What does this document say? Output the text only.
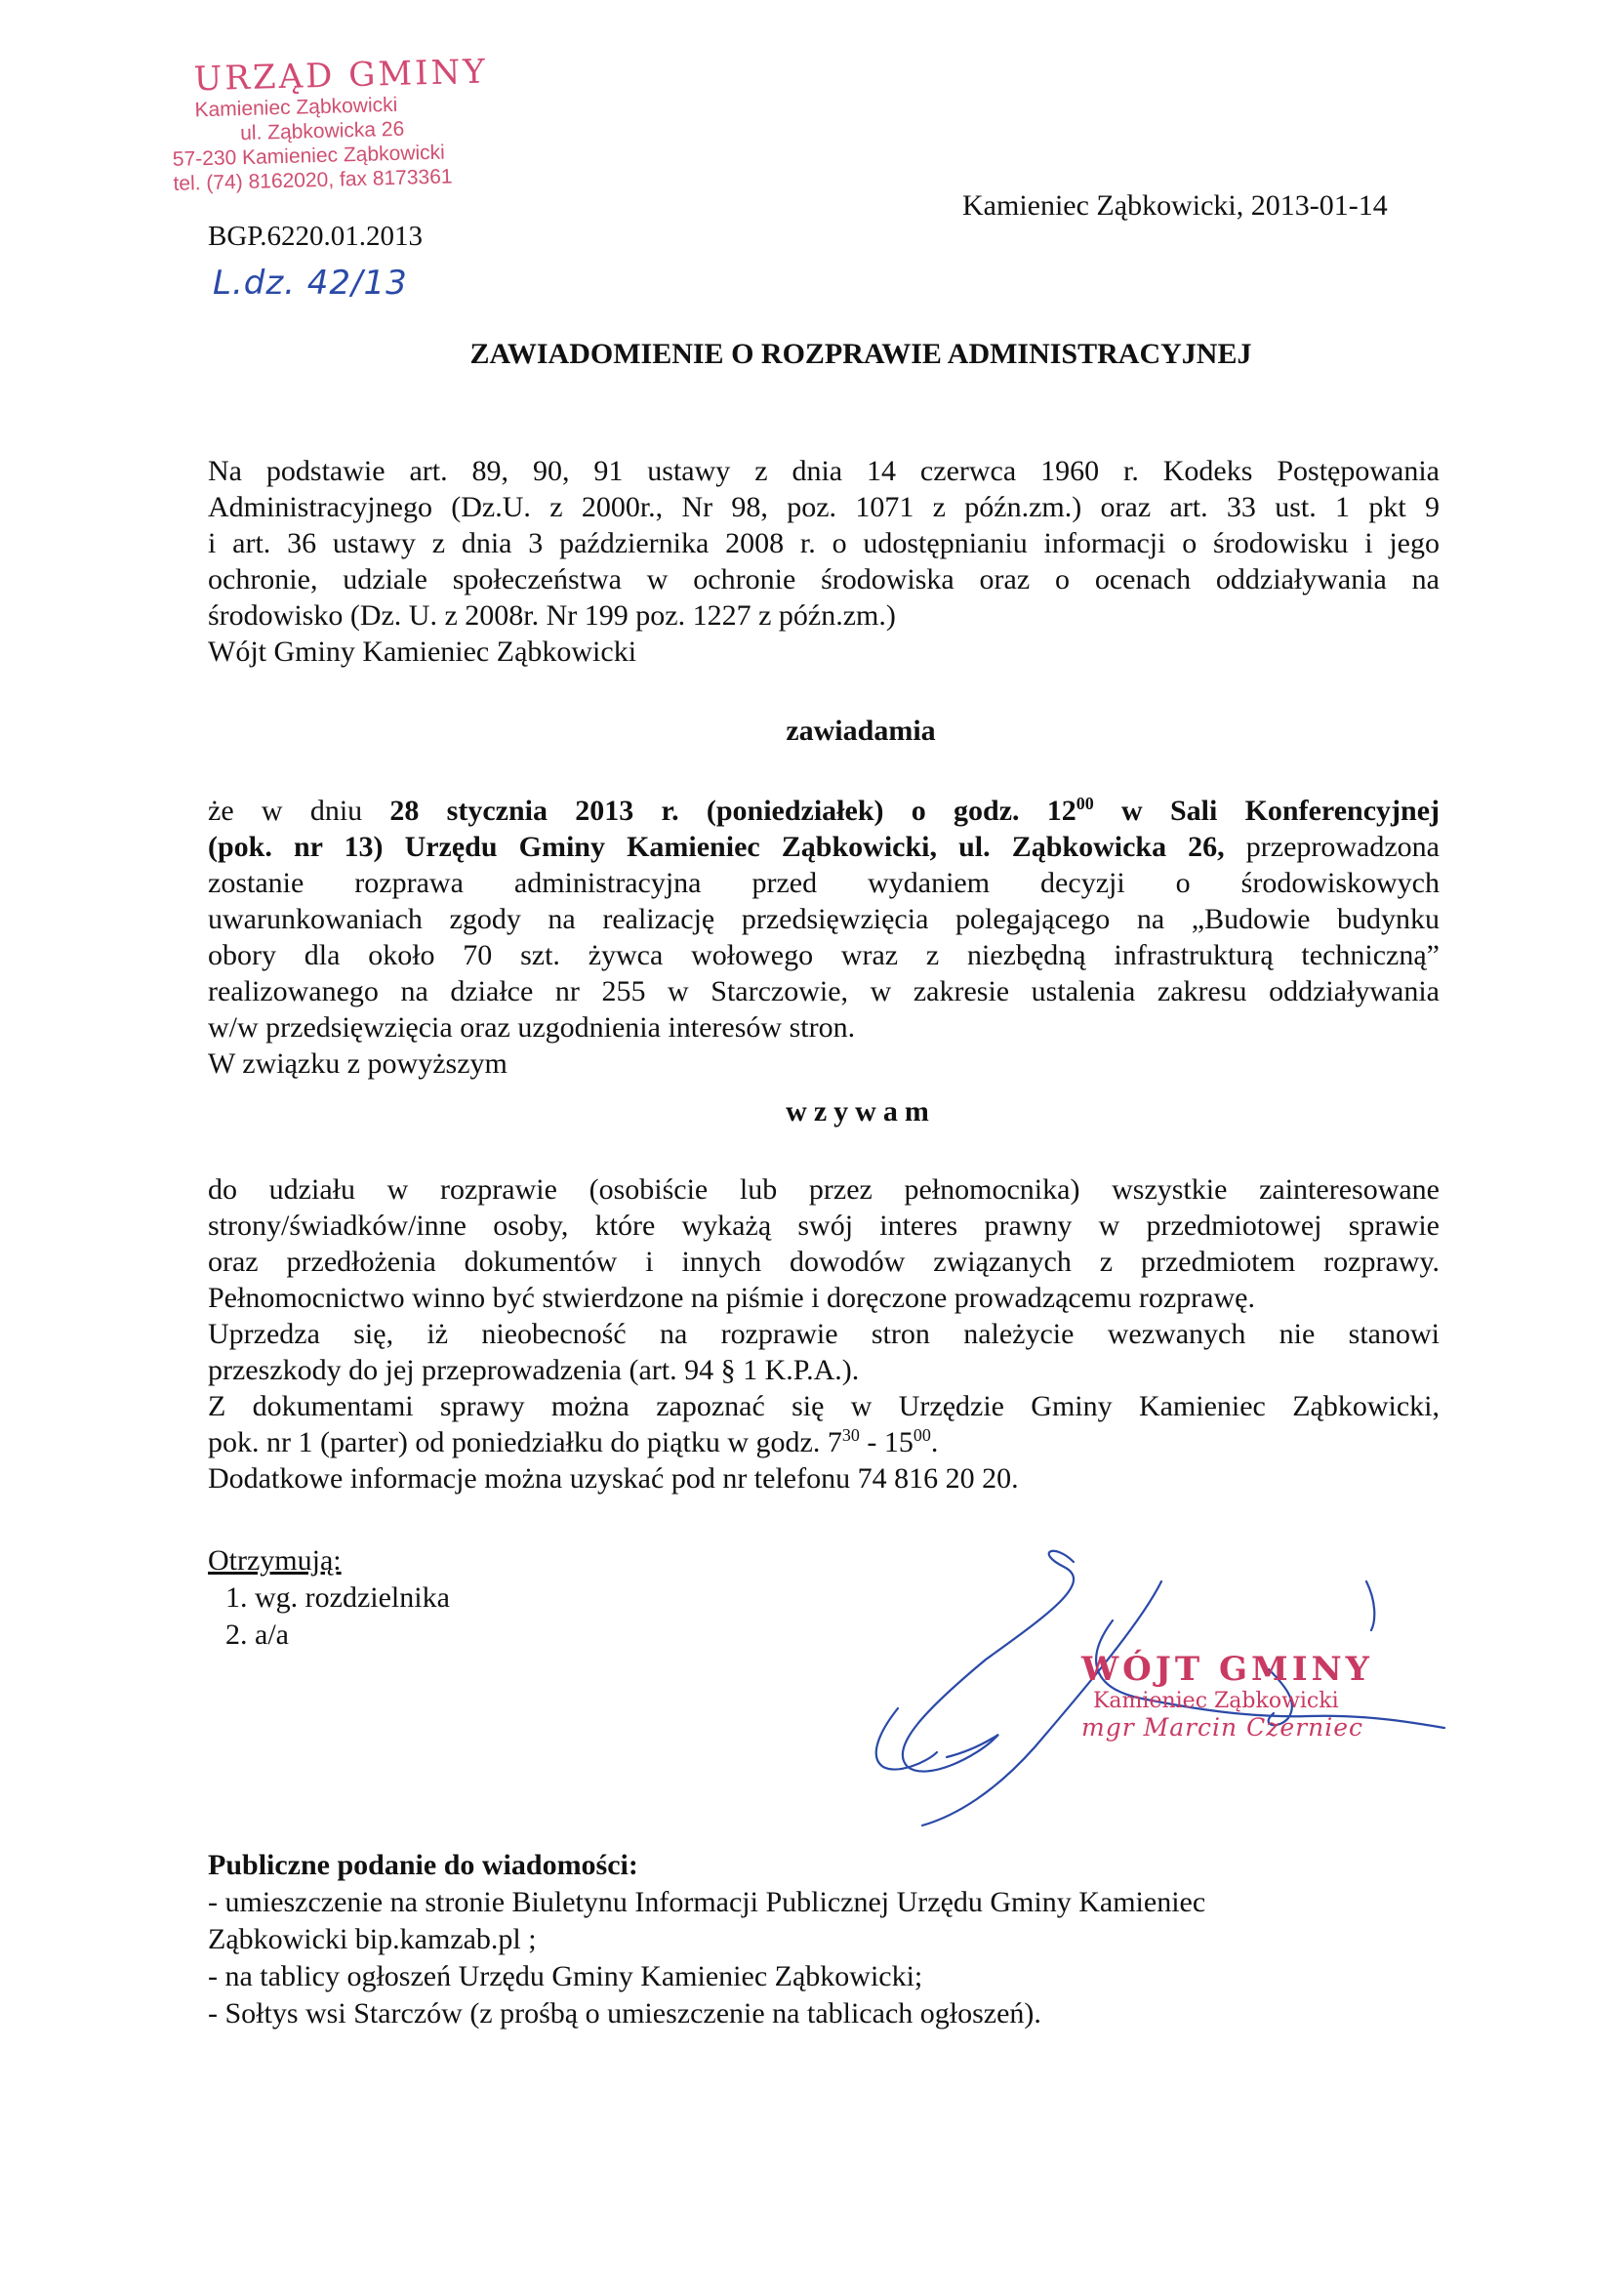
URZĄD GMINY
Kamieniec Ząbkowicki
ul. Ząbkowicka 26
57-230 Kamieniec Ząbkowicki
tel. (74) 8162020, fax 8173361
Kamieniec Ząbkowicki, 2013-01-14
BGP.6220.01.2013
L.dz. 42/13
ZAWIADOMIENIE O ROZPRAWIE ADMINISTRACYJNEJ
Na podstawie art. 89, 90, 91 ustawy z dnia 14 czerwca 1960 r. Kodeks Postępowania
Administracyjnego (Dz.U. z 2000r., Nr 98, poz. 1071 z późn.zm.) oraz art. 33 ust. 1 pkt 9
i art. 36 ustawy z dnia 3 października 2008 r. o udostępnianiu informacji o środowisku i jego
ochronie, udziale społeczeństwa w ochronie środowiska oraz o ocenach oddziaływania na
środowisko (Dz. U. z 2008r. Nr 199 poz. 1227 z późn.zm.)
Wójt Gminy Kamieniec Ząbkowicki
zawiadamia
że w dniu 28 stycznia 2013 r. (poniedziałek) o godz. $12^{00}$ w Sali Konferencyjnej
(pok. nr 13) Urzędu Gminy Kamieniec Ząbkowicki, ul. Ząbkowicka 26, przeprowadzona
zostanie rozprawa administracyjna przed wydaniem decyzji o środowiskowych
uwarunkowaniach zgody na realizację przedsięwzięcia polegającego na „Budowie budynku
obory dla około 70 szt. żywca wołowego wraz z niezbędną infrastrukturą techniczną”
realizowanego na działce nr 255 w Starczowie, w zakresie ustalenia zakresu oddziaływania
w/w przedsięwzięcia oraz uzgodnienia interesów stron.
W związku z powyższym
wzywam
do udziału w rozprawie (osobiście lub przez pełnomocnika) wszystkie zainteresowane
strony/świadków/inne osoby, które wykażą swój interes prawny w przedmiotowej sprawie
oraz przedłożenia dokumentów i innych dowodów związanych z przedmiotem rozprawy.
Pełnomocnictwo winno być stwierdzone na piśmie i doręczone prowadzącemu rozprawę.
Uprzedza się, iż nieobecność na rozprawie stron należycie wezwanych nie stanowi
przeszkody do jej przeprowadzenia (art. 94 § 1 K.P.A.).
Z dokumentami sprawy można zapoznać się w Urzędzie Gminy Kamieniec Ząbkowicki,
pok. nr 1 (parter) od poniedziałku do piątku w godz. $7^{30} - 15^{00}$.
Dodatkowe informacje można uzyskać pod nr telefonu 74 816 20 20.
Otrzymują:
1. wg. rozdzielnika
2. a/a
WÓJT GMINY
Kamieniec Ząbkowicki
mgr Marcin Czerniec
Publiczne podanie do wiadomości:
- umieszczenie na stronie Biuletynu Informacji Publicznej Urzędu Gminy Kamieniec
Ząbkowicki bip.kamzab.pl ;
- na tablicy ogłoszeń Urzędu Gminy Kamieniec Ząbkowicki;
- Sołtys wsi Starczów (z prośbą o umieszczenie na tablicach ogłoszeń).
